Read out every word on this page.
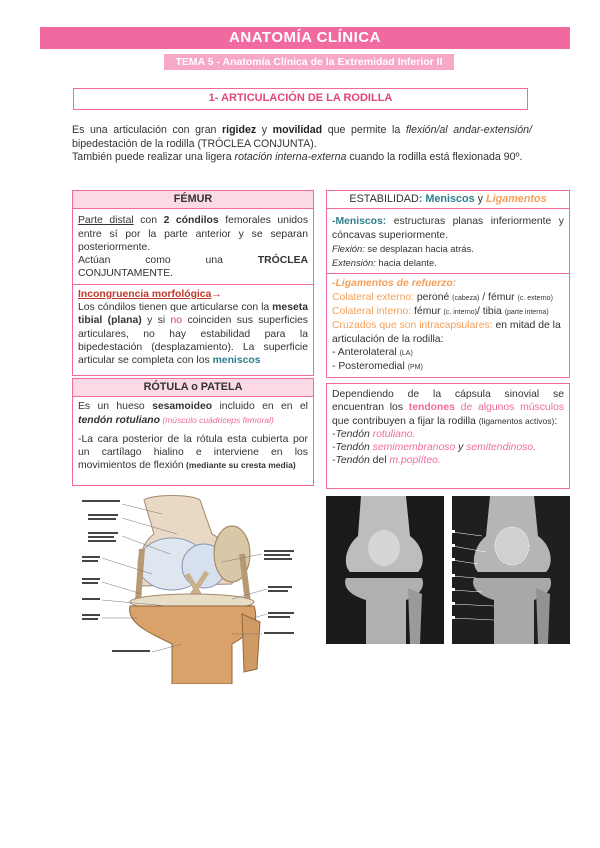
ANATOMÍA CLÍNICA
TEMA 5 - Anatomía Clínica de la Extremidad Inferior II
1- ARTICULACIÓN DE LA RODILLA

Es una articulación con gran rigidez y movilidad que permite la flexión/al andar-extensión/ bipedestación de la rodilla (TRÓCLEA CONJUNTA).

También puede realizar una ligera rotación interna-externa cuando la rodilla está flexionada 90º.

FÉMUR
Parte distal con 2 cóndilos femorales unidos entre sí por la parte anterior y se separan posteriormente.
Actúan como una TRÓCLEA CONJUNTAMENTE.
Incongruencia morfológica→
Los cóndilos tienen que articularse con la meseta tibial (plana) y si no coinciden sus superficies articulares, no hay estabilidad para la bipedestación (desplazamiento). La superficie articular se completa con los meniscos
RÓTULA o PATELA
Es un hueso sesamoideo incluido en en el tendón rotuliano (músculo cuádriceps femoral)
-La cara posterior de la rótula esta cubierta por un cartílago hialino e interviene en los movimientos de flexión (mediante su cresta media)
ESTABILIDAD: Meniscos y Ligamentos
-Meniscos: estructuras planas inferiormente y cóncavas superiormente.
Flexión: se desplazan hacia atrás.
Extensión: hacia delante.
-Ligamentos de refuerzo:
Colateral externo: peroné (cabeza) / fémur (c. externo)
Colateral interno: fémur (c. interno)/ tibia (parte interna)
Cruzados que son intracapsulares: en mitad de la articulación de la rodilla:
- Anterolateral (LA)
- Posteromedial (PM)
Dependiendo de la cápsula sinovial se encuentran los tendones de algunos músculos que contribuyen a fijar la rodilla (ligamentos activos):
-Tendón rotuliano.
-Tendón semimembranoso y semitendinoso.
-Tendón del m.poplíteo.
